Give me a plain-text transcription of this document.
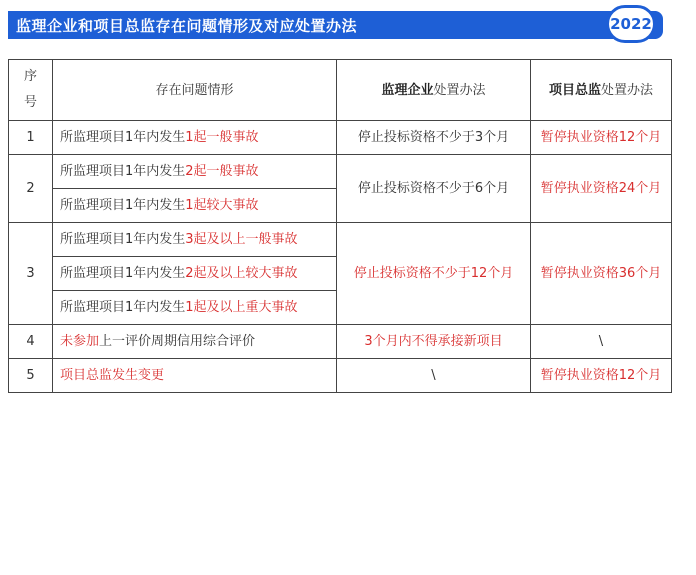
监理企业和项目总监存在问题情形及对应处置办法	2022
序号	存在问题情形	监理企业处置办法	项目总监处置办法
1	所监理项目1年内发生1起一般事故	停止投标资格不少于3个月	暂停执业资格12个月
2	所监理项目1年内发生2起一般事故	停止投标资格不少于6个月	暂停执业资格24个月
	所监理项目1年内发生1起较大事故		
3	所监理项目1年内发生3起及以上一般事故	停止投标资格不少于12个月	暂停执业资格36个月
	所监理项目1年内发生2起及以上较大事故		
	所监理项目1年内发生1起及以上重大事故		
4	未参加上一评价周期信用综合评价	3个月内不得承接新项目	\
5	项目总监发生变更	\	暂停执业资格12个月
